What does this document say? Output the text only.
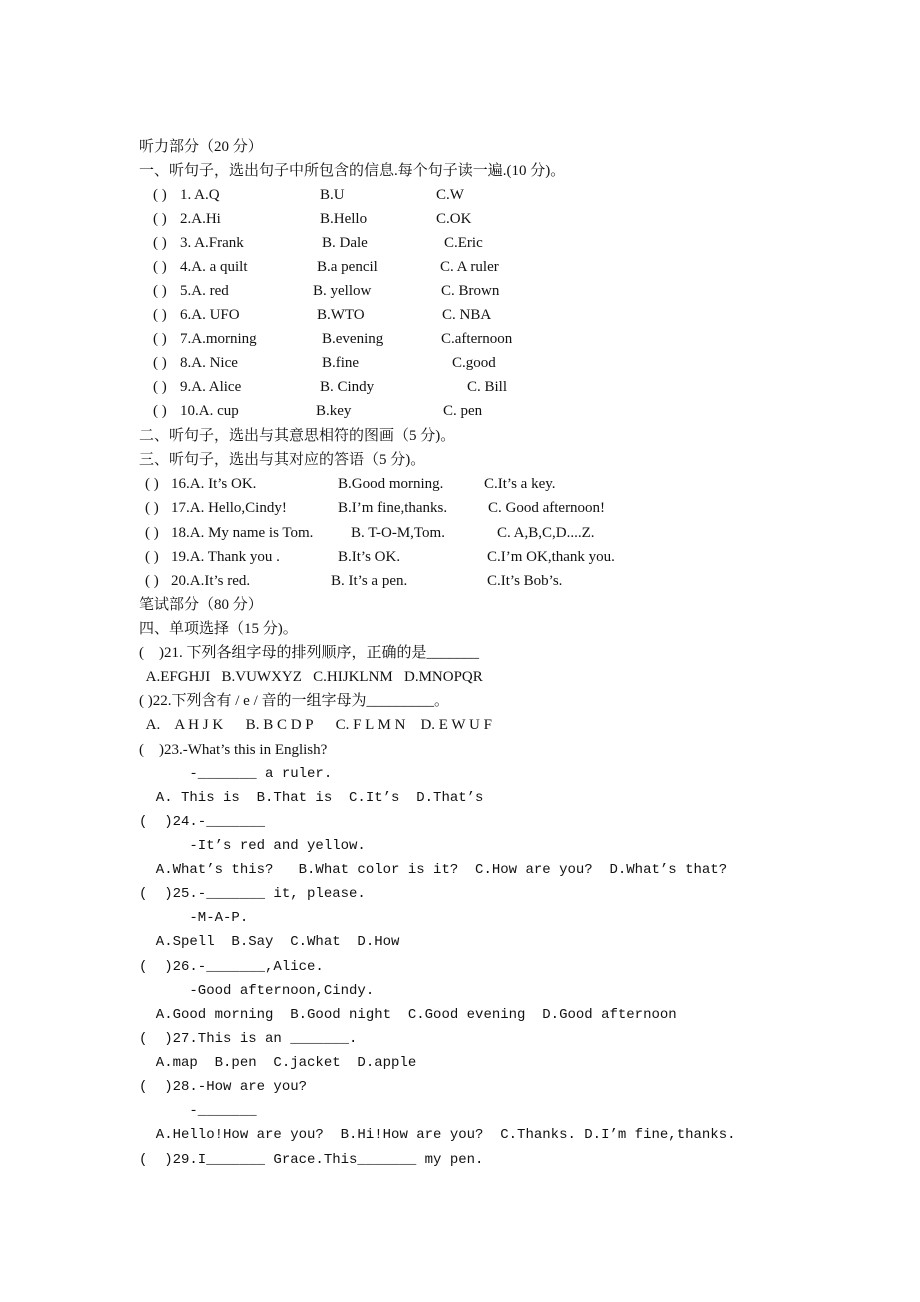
听力部分（20 分）
一、听句子，选出句子中所包含的信息.每个句子读一遍.(10 分)。
( ) 1. A.Q	B.U	C.W
( ) 2.A.Hi	B.Hello	C.OK
( ) 3. A.Frank	B. Dale	C.Eric
( ) 4.A. a quilt	B.a pencil	C. A ruler
( ) 5.A. red	B. yellow	C. Brown
( ) 6.A. UFO	B.WTO	C. NBA
( ) 7.A.morning	B.evening	C.afternoon
( ) 8.A. Nice	B.fine	C.good
( ) 9.A. Alice	B. Cindy	C. Bill
( ) 10.A. cup	B.key	C. pen
二、听句子，选出与其意思相符的图画（5 分)。
三、听句子，选出与其对应的答语（5 分)。
( ) 16.A. It’s OK.	B.Good morning.	C.It’s a key.
( ) 17.A. Hello,Cindy!	B.I’m fine,thanks.	C. Good afternoon!
( ) 18.A. My name is Tom.	B. T-O-M,Tom.	C. A,B,C,D....Z.
( ) 19.A. Thank you .	B.It’s OK.	C.I’m OK,thank you.
( ) 20.A.It’s red.	B. It’s a pen.	C.It’s Bob’s.
笔试部分（80 分）
四、单项选择（15 分)。
(    )21. 下列各组字母的排列顺序，正确的是_______
A.EFGHJI   B.VUWXYZ   C.HIJKLNM   D.MNOPQR
( )22.下列含有 / e / 音的一组字母为_________。
A.    A H J K      B. B C D P      C. F L M N    D. E W U F
(    )23.-What’s this in English?
-_______ a ruler.
A. This is  B.That is  C.It’s  D.That’s
(  )24.-_______
-It’s red and yellow.
A.What’s this?   B.What color is it?  C.How are you?  D.What’s that?
(  )25.-_______ it, please.
-M-A-P.
A.Spell  B.Say  C.What  D.How
(  )26.-_______,Alice.
-Good afternoon,Cindy.
A.Good morning  B.Good night  C.Good evening  D.Good afternoon
(  )27.This is an _______.
A.map  B.pen  C.jacket  D.apple
(  )28.-How are you?
-_______
A.Hello!How are you?  B.Hi!How are you?  C.Thanks. D.I’m fine,thanks.
(  )29.I_______ Grace.This_______ my pen.
